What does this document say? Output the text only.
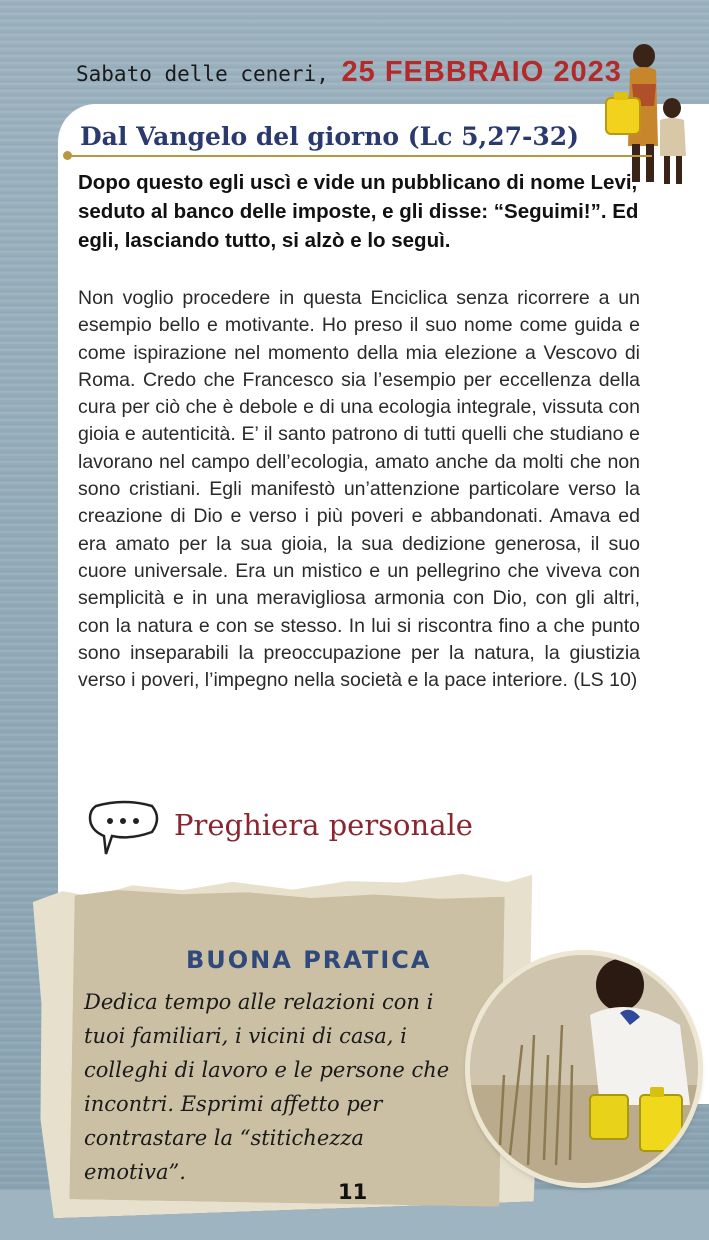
Sabato delle ceneri, 25 FEBBRAIO 2023
Dal Vangelo del giorno (Lc 5,27-32)
Dopo questo egli uscì e vide un pubblicano di nome Levi, seduto al banco delle imposte, e gli disse: “Seguimi!”. Ed egli, lasciando tutto, si alzò e lo seguì.
Non voglio procedere in questa Enciclica senza ricorrere a un esempio bello e motivante. Ho preso il suo nome come guida e come ispirazione nel momento della mia elezione a Vescovo di Roma. Credo che Francesco sia l’esempio per eccellenza della cura per ciò che è debole e di una ecologia integrale, vissuta con gioia e autenticità. E’ il santo patrono di tutti quelli che studiano e lavorano nel campo dell’ecologia, amato anche da molti che non sono cristiani. Egli manifestò un’attenzione particolare verso la creazione di Dio e verso i più poveri e abbandonati. Amava ed era amato per la sua gioia, la sua dedizione generosa, il suo cuore universale. Era un mistico e un pellegrino che viveva con semplicità e in una meravigliosa armonia con Dio, con gli altri, con la natura e con se stesso. In lui si riscontra fino a che punto sono inseparabili la preoccupazione per la natura, la giustizia verso i poveri, l’impegno nella società e la pace interiore. (LS 10)
Preghiera personale
BUONA PRATICA
Dedica tempo alle relazioni con i tuoi familiari, i vicini di casa, i colleghi di lavoro e le persone che incontri. Esprimi affetto per contrastare la “stitichezza emotiva”.
11
